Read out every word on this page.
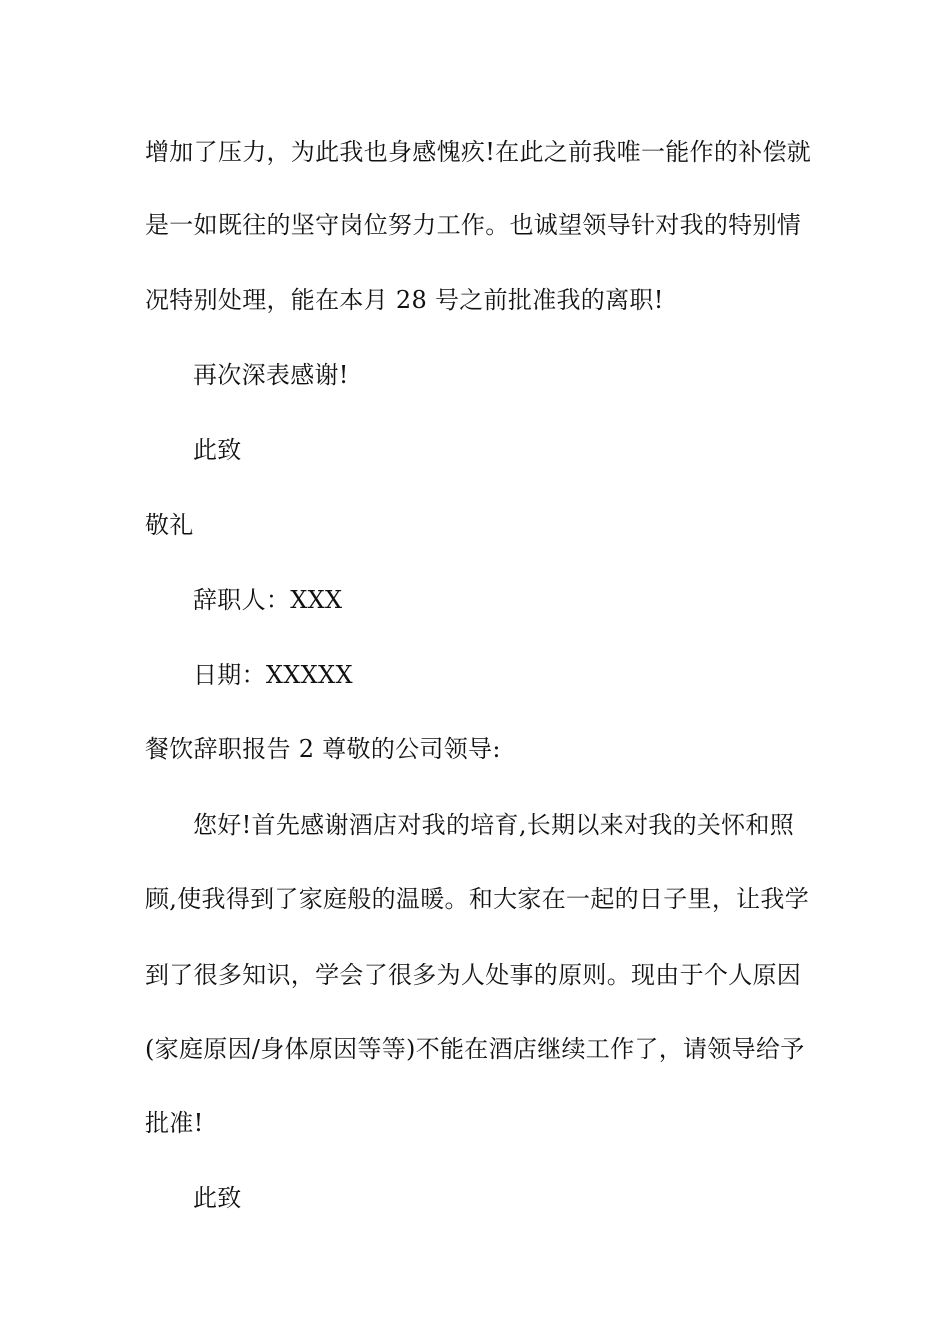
增加了压力，为此我也身感愧疚!在此之前我唯一能作的补偿就
是一如既往的坚守岗位努力工作。也诚望领导针对我的特别情
况特别处理，能在本月 28 号之前批准我的离职!
再次深表感谢!
此致
敬礼
辞职人：XXX
日期：XXXXX
餐饮辞职报告 2 尊敬的公司领导:
您好!首先感谢酒店对我的培育,长期以来对我的关怀和照
顾,使我得到了家庭般的温暖。和大家在一起的日子里，让我学
到了很多知识，学会了很多为人处事的原则。现由于个人原因
(家庭原因/身体原因等等)不能在酒店继续工作了，请领导给予
批准!
此致
